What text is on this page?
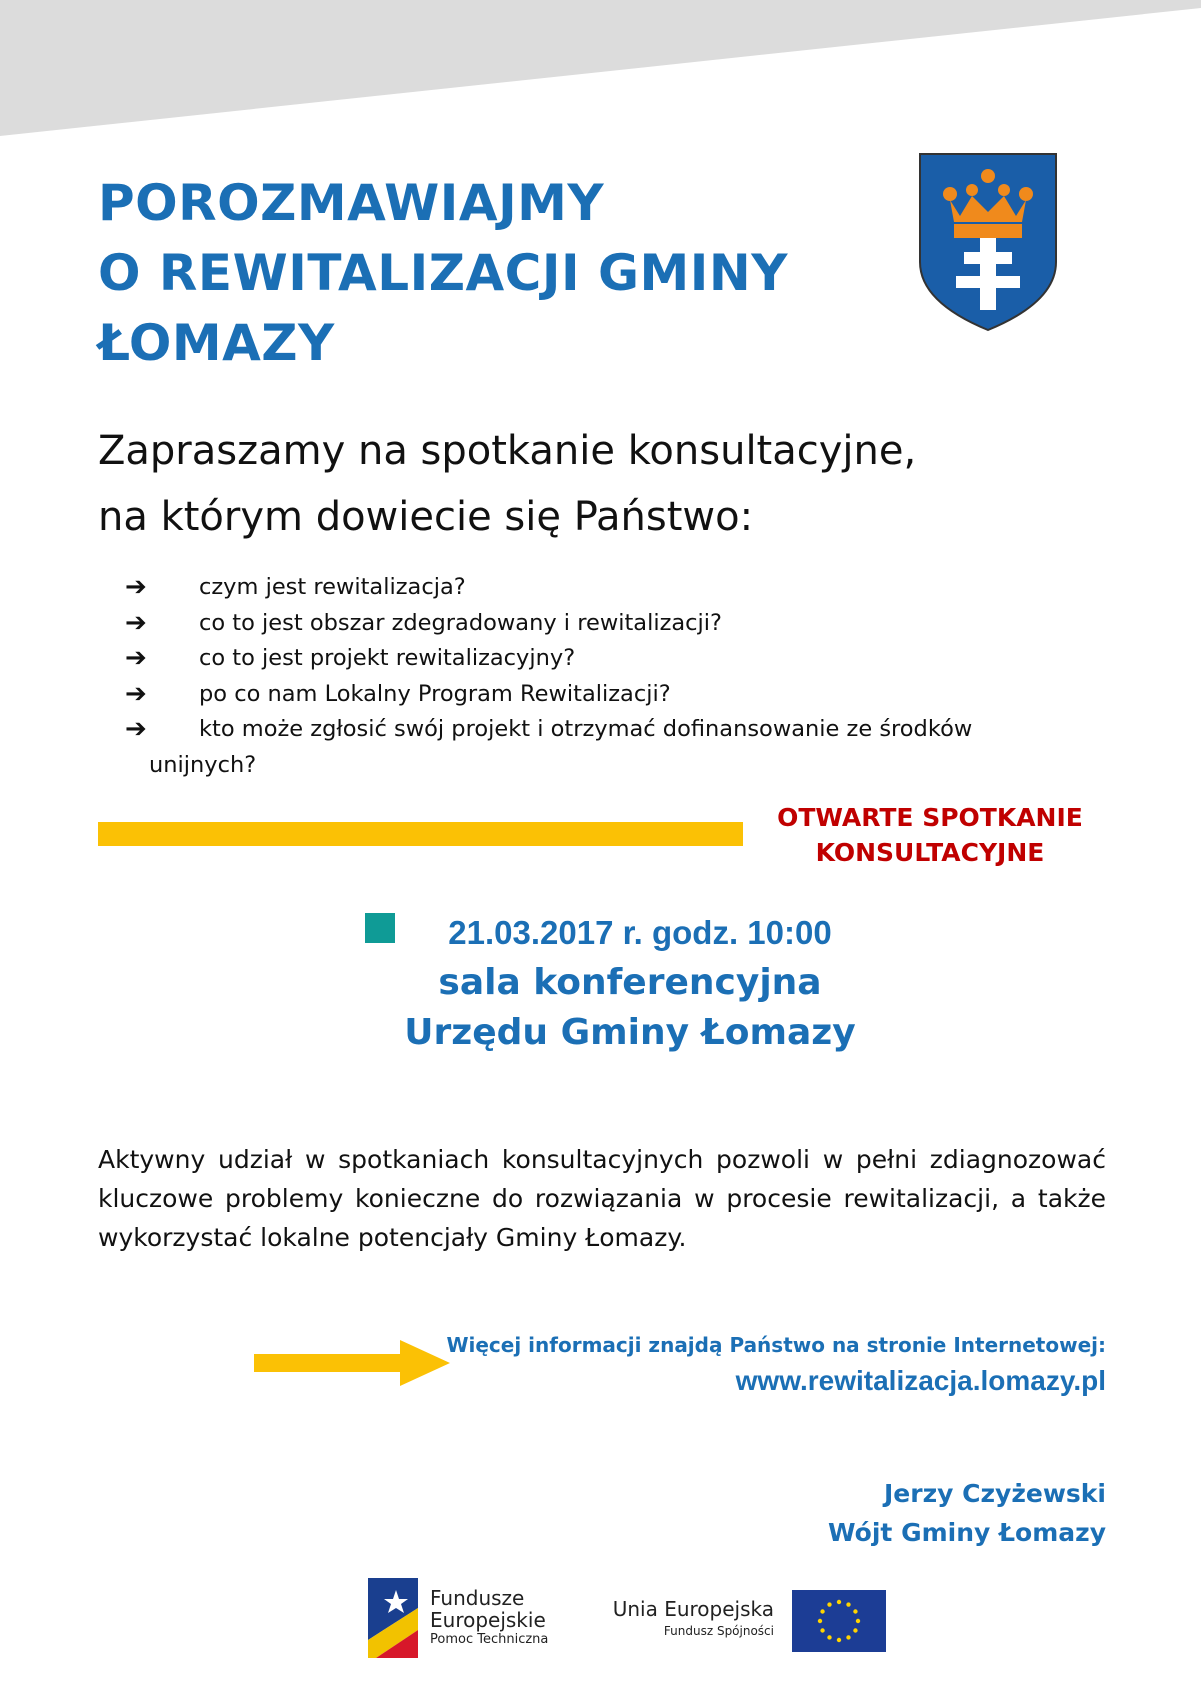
POROZMAWIAJMY
O REWITALIZACJI GMINY
ŁOMAZY
Zapraszamy na spotkanie konsultacyjne,
na którym dowiecie się Państwo:
➔ czym jest rewitalizacja?
➔ co to jest obszar zdegradowany i rewitalizacji?
➔ co to jest projekt rewitalizacyjny?
➔ po co nam Lokalny Program Rewitalizacji?
➔ kto może zgłosić swój projekt i otrzymać dofinansowanie ze środków
unijnych?
OTWARTE SPOTKANIE
KONSULTACYJNE
21.03.2017 r. godz. 10:00
sala konferencyjna
Urzędu Gminy Łomazy
Aktywny udział w spotkaniach konsultacyjnych pozwoli w pełni zdiagnozować kluczowe problemy konieczne do rozwiązania w procesie rewitalizacji, a także wykorzystać lokalne potencjały Gminy Łomazy.
Więcej informacji znajdą Państwo na stronie Internetowej:
www.rewitalizacja.lomazy.pl
Jerzy Czyżewski
Wójt Gminy Łomazy
Fundusze
Europejskie
Pomoc Techniczna
Unia Europejska
Fundusz Spójności
